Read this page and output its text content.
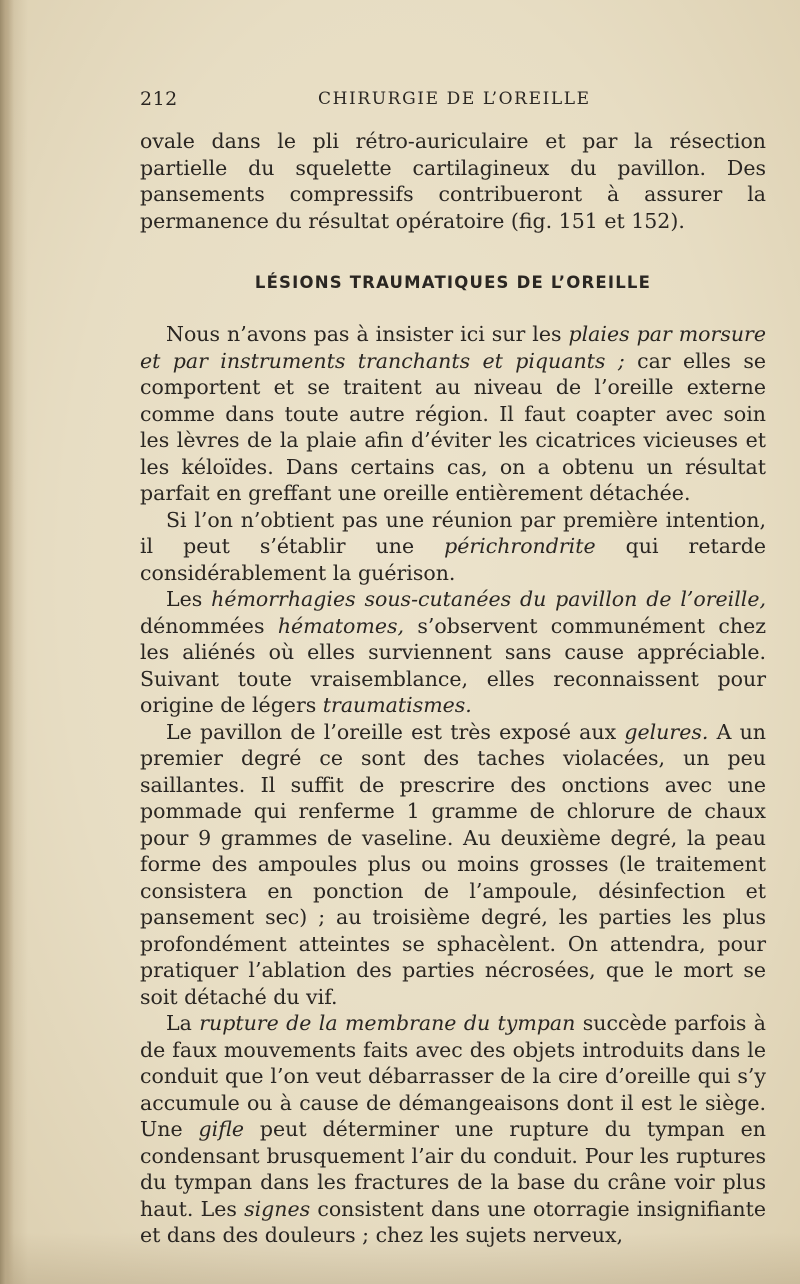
212	CHIRURGIE DE L’OREILLE

ovale dans le pli rétro-auriculaire et par la résection partielle du squelette cartilagineux du pavillon. Des pansements compressifs contribueront à assurer la permanence du résultat opératoire (fig. 151 et 152).

LÉSIONS TRAUMATIQUES DE L’OREILLE

Nous n’avons pas à insister ici sur les plaies par morsure et par instruments tranchants et piquants ; car elles se comportent et se traitent au niveau de l’oreille externe comme dans toute autre région. Il faut coapter avec soin les lèvres de la plaie afin d’éviter les cicatrices vicieuses et les kéloïdes. Dans certains cas, on a obtenu un résultat parfait en greffant une oreille entièrement détachée.

Si l’on n’obtient pas une réunion par première intention, il peut s’établir une périchrondrite qui retarde considérablement la guérison.

Les hémorrhagies sous-cutanées du pavillon de l’oreille, dénommées hématomes, s’observent communément chez les aliénés où elles surviennent sans cause appréciable. Suivant toute vraisemblance, elles reconnaissent pour origine de légers traumatismes.

Le pavillon de l’oreille est très exposé aux gelures. A un premier degré ce sont des taches violacées, un peu saillantes. Il suffit de prescrire des onctions avec une pommade qui renferme 1 gramme de chlorure de chaux pour 9 grammes de vaseline. Au deuxième degré, la peau forme des ampoules plus ou moins grosses (le traitement consistera en ponction de l’ampoule, désinfection et pansement sec) ; au troisième degré, les parties les plus profondément atteintes se sphacèlent. On attendra, pour pratiquer l’ablation des parties nécrosées, que le mort se soit détaché du vif.

La rupture de la membrane du tympan succède parfois à de faux mouvements faits avec des objets introduits dans le conduit que l’on veut débarrasser de la cire d’oreille qui s’y accumule ou à cause de démangeaisons dont il est le siège. Une gifle peut déterminer une rupture du tympan en condensant brusquement l’air du conduit. Pour les ruptures du tympan dans les fractures de la base du crâne voir plus haut. Les signes consistent dans une otorragie insignifiante et dans des douleurs ; chez les sujets nerveux,
